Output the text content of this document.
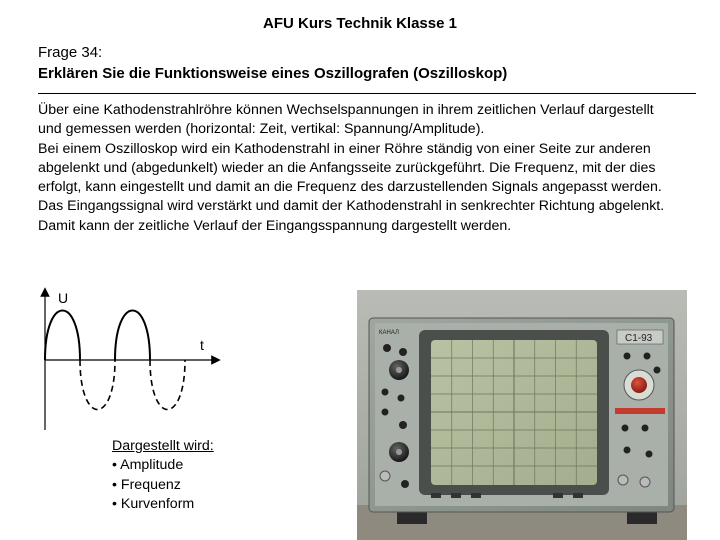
AFU Kurs Technik Klasse 1
Frage 34:
Erklären Sie die Funktionsweise eines Oszillografen (Oszilloskop)

Über eine Kathodenstrahlröhre können Wechselspannungen in ihrem zeitlichen Verlauf dargestellt und gemessen werden (horizontal: Zeit, vertikal: Spannung/Amplitude).

Bei einem Oszilloskop wird ein Kathodenstrahl in einer Röhre ständig von einer Seite zur anderen abgelenkt und (abgedunkelt) wieder an die Anfangsseite zurückgeführt. Die Frequenz, mit der dies erfolgt, kann eingestellt und damit an die Frequenz des darzustellenden Signals angepasst werden.

Das Eingangssignal wird verstärkt und damit der Kathodenstrahl in senkrechter Richtung abgelenkt.

Damit kann der zeitliche Verlauf der Eingangsspannung dargestellt werden.

U
t
Dargestellt wird:
• Amplitude
• Frequenz
• Kurvenform
КАНАЛ	С1-93
